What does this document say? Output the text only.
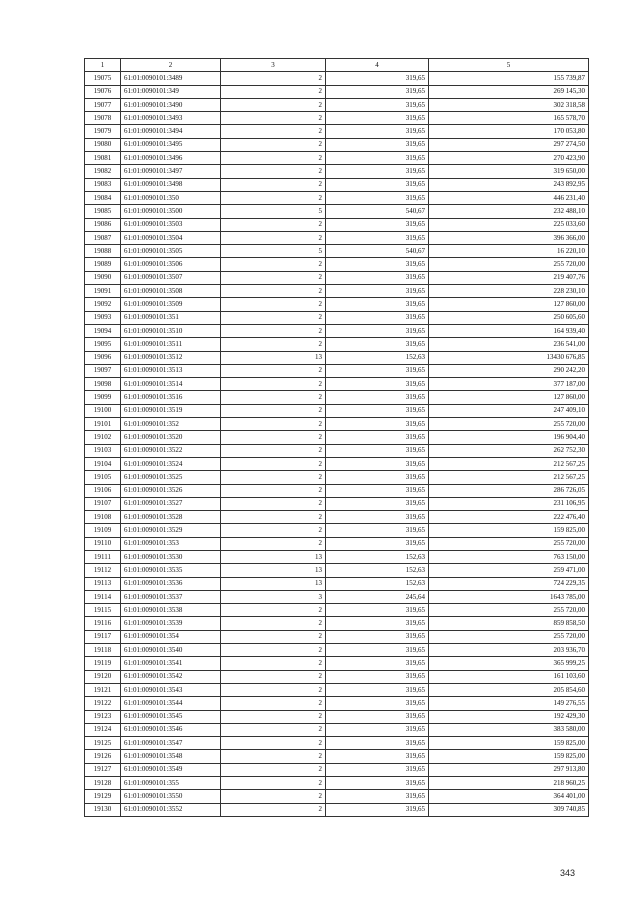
1	2	3	4	5
19075	61:01:0090101:3489	2	319,65	155 739,87
19076	61:01:0090101:349	2	319,65	269 145,30
19077	61:01:0090101:3490	2	319,65	302 318,58
19078	61:01:0090101:3493	2	319,65	165 578,70
19079	61:01:0090101:3494	2	319,65	170 053,80
19080	61:01:0090101:3495	2	319,65	297 274,50
19081	61:01:0090101:3496	2	319,65	270 423,90
19082	61:01:0090101:3497	2	319,65	319 650,00
19083	61:01:0090101:3498	2	319,65	243 892,95
19084	61:01:0090101:350	2	319,65	446 231,40
19085	61:01:0090101:3500	5	540,67	232 488,10
19086	61:01:0090101:3503	2	319,65	225 033,60
19087	61:01:0090101:3504	2	319,65	396 366,00
19088	61:01:0090101:3505	5	540,67	16 220,10
19089	61:01:0090101:3506	2	319,65	255 720,00
19090	61:01:0090101:3507	2	319,65	219 407,76
19091	61:01:0090101:3508	2	319,65	228 230,10
19092	61:01:0090101:3509	2	319,65	127 860,00
19093	61:01:0090101:351	2	319,65	250 605,60
19094	61:01:0090101:3510	2	319,65	164 939,40
19095	61:01:0090101:3511	2	319,65	236 541,00
19096	61:01:0090101:3512	13	152,63	13430 676,85
19097	61:01:0090101:3513	2	319,65	290 242,20
19098	61:01:0090101:3514	2	319,65	377 187,00
19099	61:01:0090101:3516	2	319,65	127 860,00
19100	61:01:0090101:3519	2	319,65	247 409,10
19101	61:01:0090101:352	2	319,65	255 720,00
19102	61:01:0090101:3520	2	319,65	196 904,40
19103	61:01:0090101:3522	2	319,65	262 752,30
19104	61:01:0090101:3524	2	319,65	212 567,25
19105	61:01:0090101:3525	2	319,65	212 567,25
19106	61:01:0090101:3526	2	319,65	286 726,05
19107	61:01:0090101:3527	2	319,65	231 106,95
19108	61:01:0090101:3528	2	319,65	222 476,40
19109	61:01:0090101:3529	2	319,65	159 825,00
19110	61:01:0090101:353	2	319,65	255 720,00
19111	61:01:0090101:3530	13	152,63	763 150,00
19112	61:01:0090101:3535	13	152,63	259 471,00
19113	61:01:0090101:3536	13	152,63	724 229,35
19114	61:01:0090101:3537	3	245,64	1643 785,00
19115	61:01:0090101:3538	2	319,65	255 720,00
19116	61:01:0090101:3539	2	319,65	859 858,50
19117	61:01:0090101:354	2	319,65	255 720,00
19118	61:01:0090101:3540	2	319,65	203 936,70
19119	61:01:0090101:3541	2	319,65	365 999,25
19120	61:01:0090101:3542	2	319,65	161 103,60
19121	61:01:0090101:3543	2	319,65	205 854,60
19122	61:01:0090101:3544	2	319,65	149 276,55
19123	61:01:0090101:3545	2	319,65	192 429,30
19124	61:01:0090101:3546	2	319,65	383 580,00
19125	61:01:0090101:3547	2	319,65	159 825,00
19126	61:01:0090101:3548	2	319,65	159 825,00
19127	61:01:0090101:3549	2	319,65	297 913,80
19128	61:01:0090101:355	2	319,65	218 960,25
19129	61:01:0090101:3550	2	319,65	364 401,00
19130	61:01:0090101:3552	2	319,65	309 740,85
343
